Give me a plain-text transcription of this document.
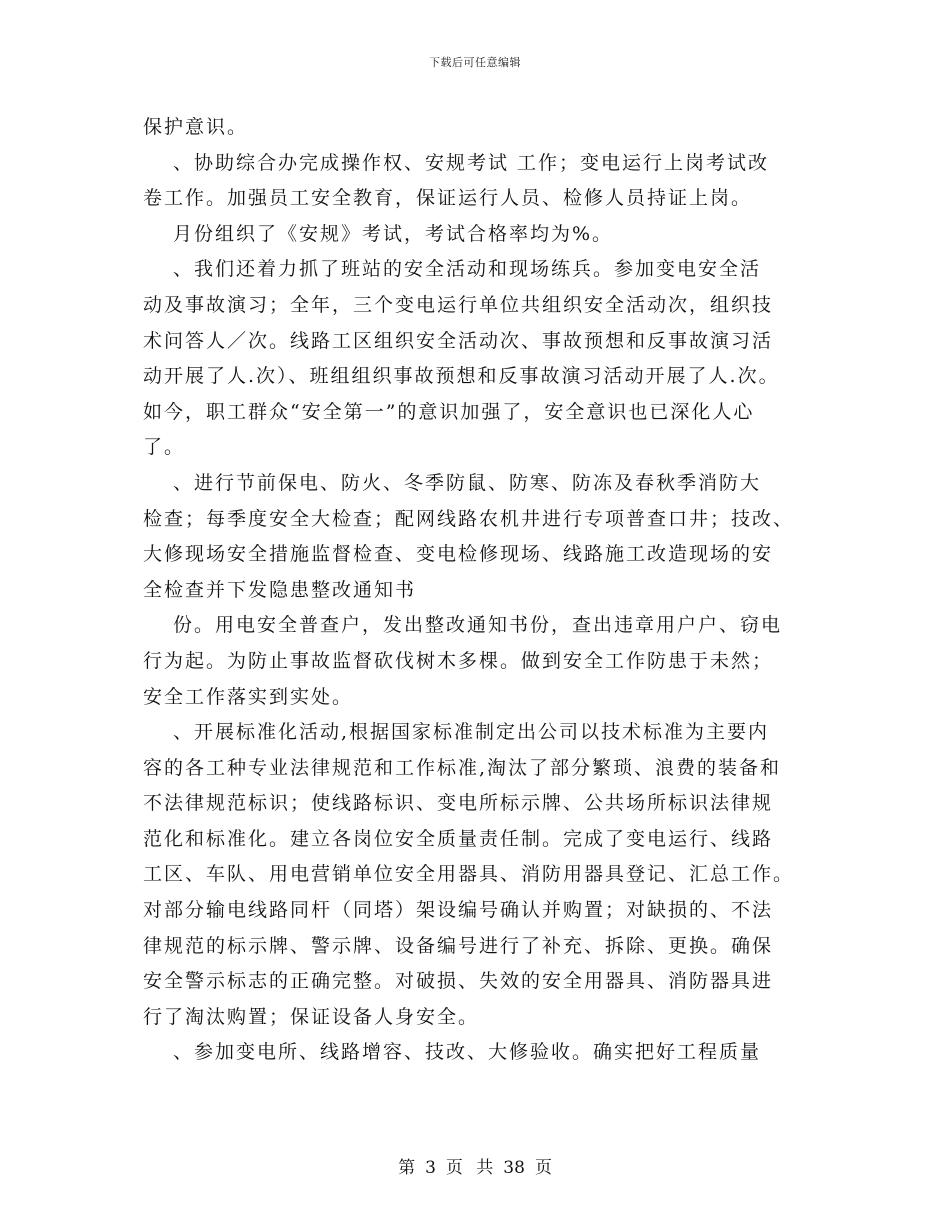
下载后可任意编辑
保护意识。
、协助综合办完成操作权、安规考试 工作；变电运行上岗考试改
卷工作。加强员工安全教育，保证运行人员、检修人员持证上岗。
月份组织了《安规》考试，考试合格率均为%。
、我们还着力抓了班站的安全活动和现场练兵。参加变电安全活
动及事故演习；全年，三个变电运行单位共组织安全活动次，组织技
术问答人／次。线路工区组织安全活动次、事故预想和反事故演习活
动开展了人.次）、班组组织事故预想和反事故演习活动开展了人.次。
如今，职工群众“安全第一”的意识加强了，安全意识也已深化人心
了。
、进行节前保电、防火、冬季防鼠、防寒、防冻及春秋季消防大
检查；每季度安全大检查；配网线路农机井进行专项普查口井；技改、
大修现场安全措施监督检查、变电检修现场、线路施工改造现场的安
全检查并下发隐患整改通知书
份。用电安全普查户，发出整改通知书份，查出违章用户户、窃电
行为起。为防止事故监督砍伐树木多棵。做到安全工作防患于未然；
安全工作落实到实处。
、开展标准化活动,根据国家标准制定出公司以技术标准为主要内
容的各工种专业法律规范和工作标准,淘汰了部分繁琐、浪费的装备和
不法律规范标识；使线路标识、变电所标示牌、公共场所标识法律规
范化和标准化。建立各岗位安全质量责任制。完成了变电运行、线路
工区、车队、用电营销单位安全用器具、消防用器具登记、汇总工作。
对部分输电线路同杆（同塔）架设编号确认并购置；对缺损的、不法
律规范的标示牌、警示牌、设备编号进行了补充、拆除、更换。确保
安全警示标志的正确完整。对破损、失效的安全用器具、消防器具进
行了淘汰购置；保证设备人身安全。
、参加变电所、线路增容、技改、大修验收。确实把好工程质量
第 3 页 共 38 页
